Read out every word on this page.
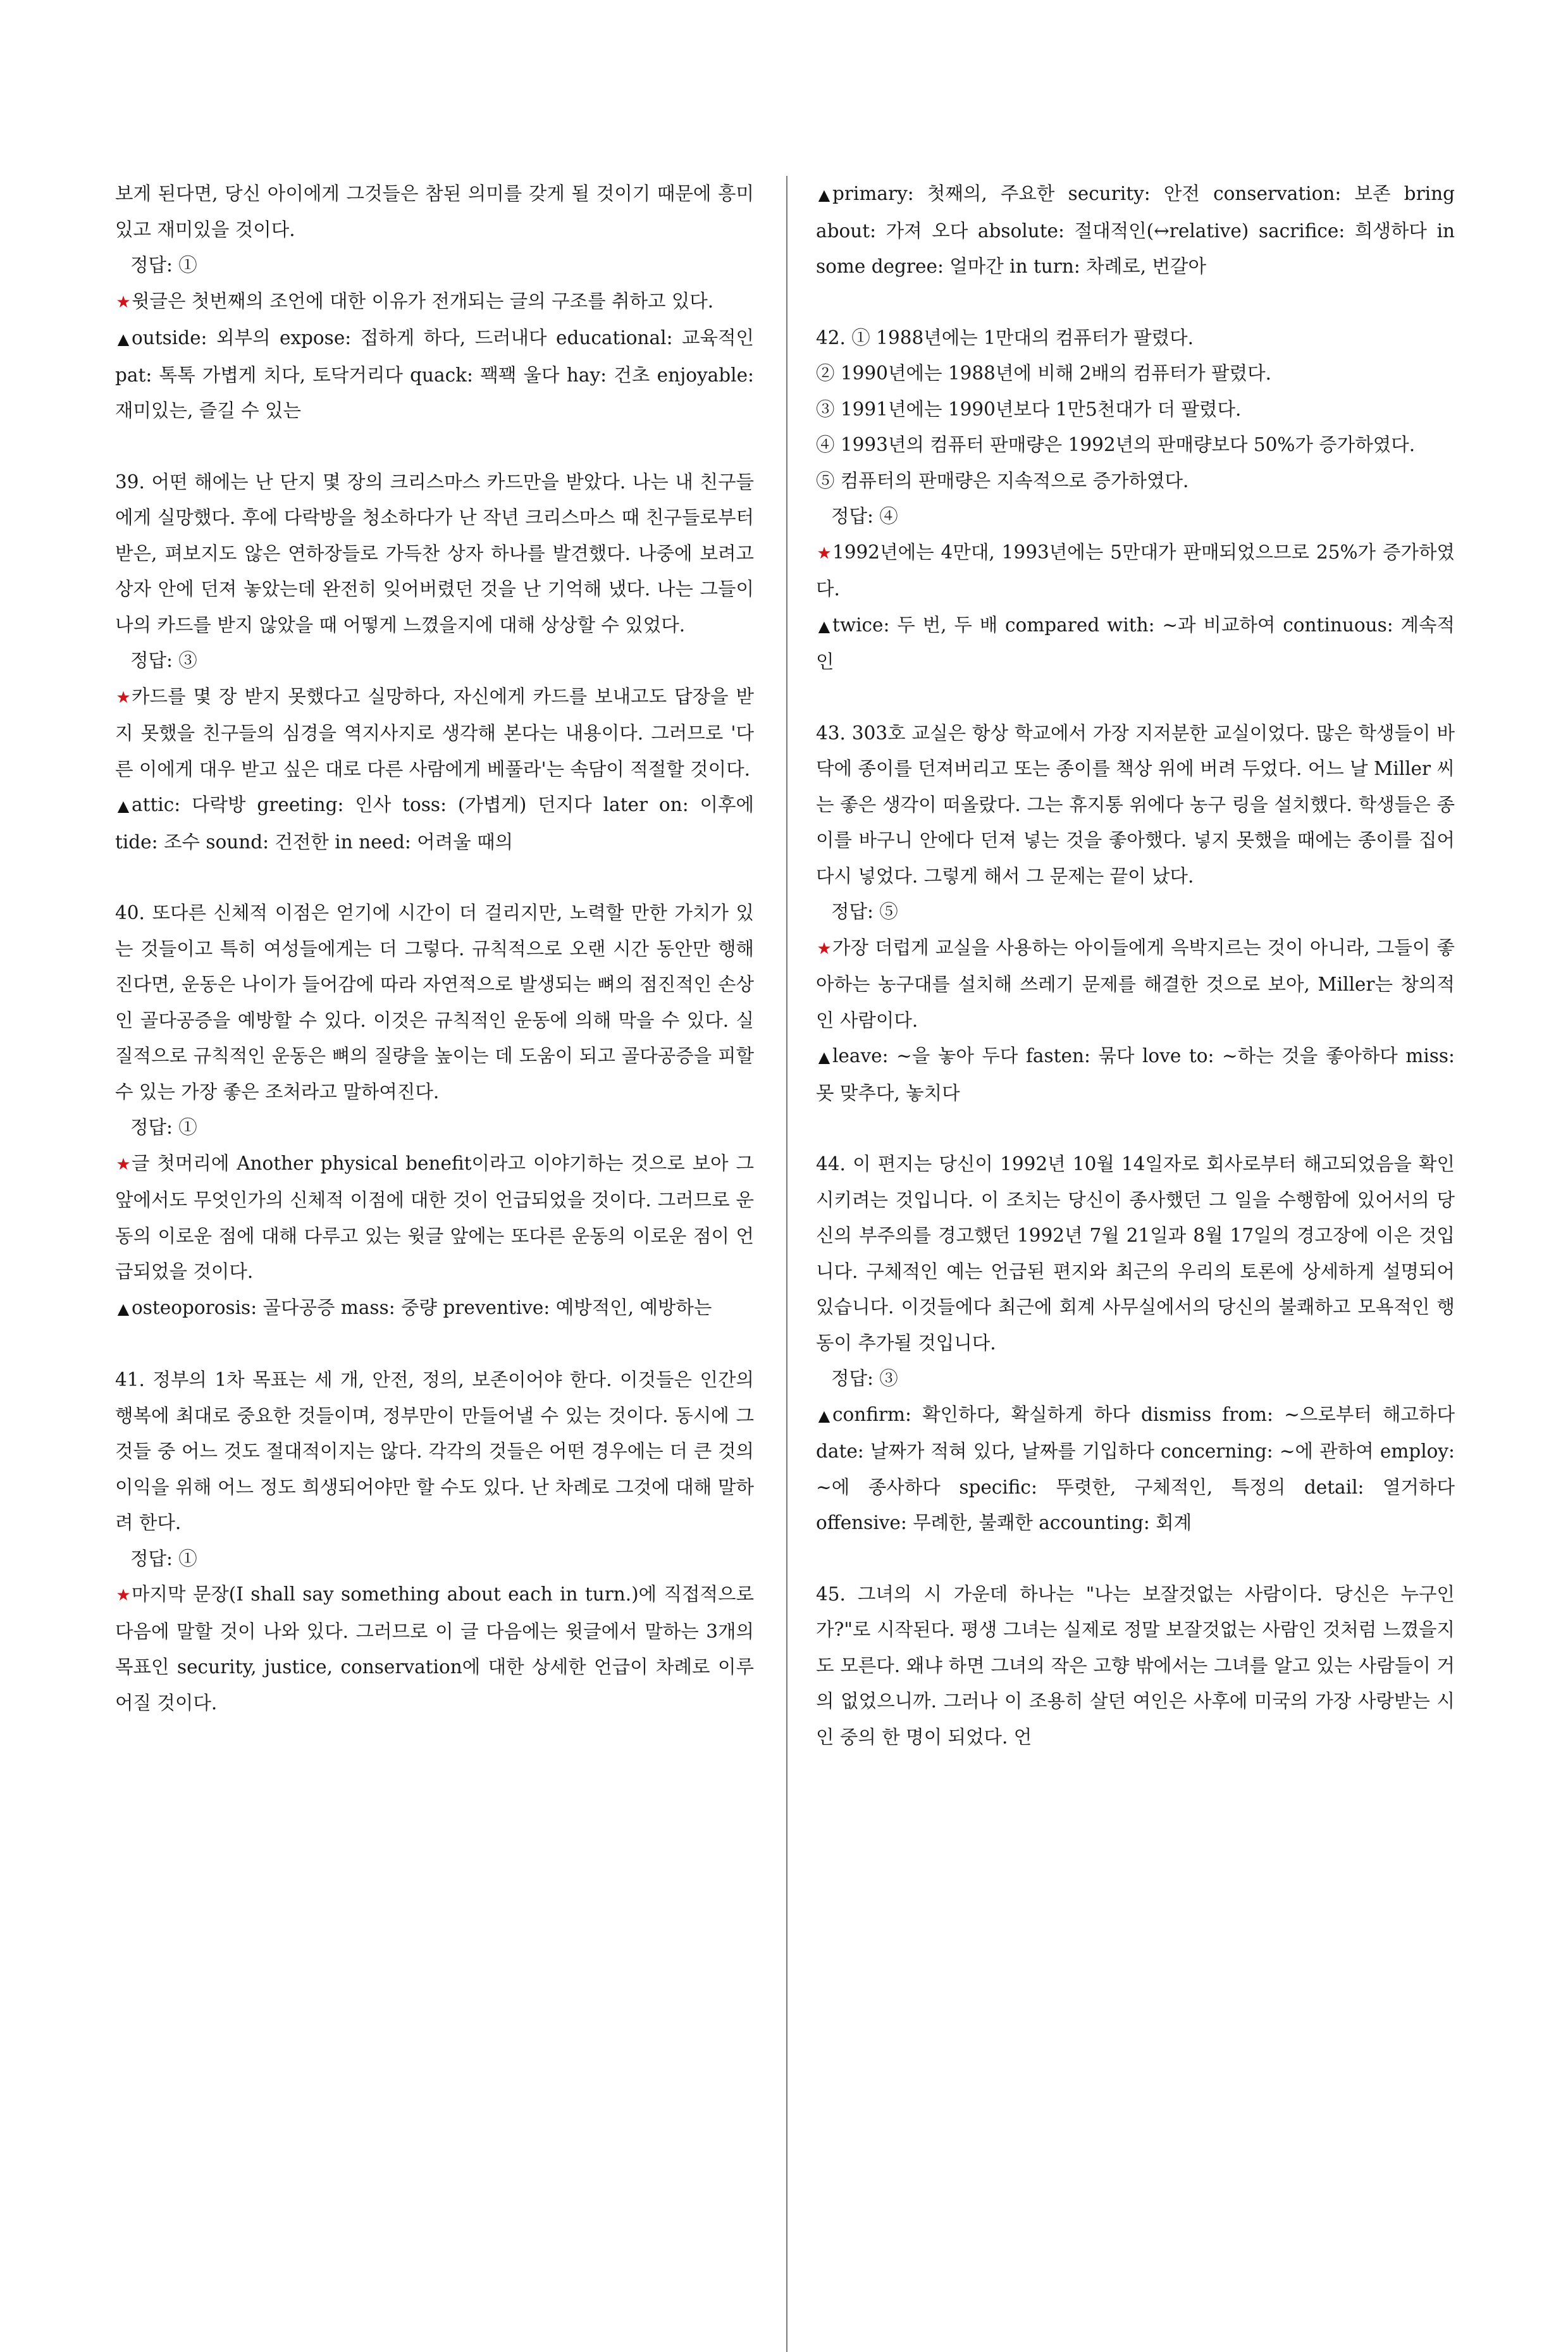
보게 된다면, 당신 아이에게 그것들은 참된 의미를 갖게 될 것이기 때문에 흥미 있고 재미있을 것이다.

정답: ①

★윗글은 첫번째의 조언에 대한 이유가 전개되는 글의 구조를 취하고 있다.

▲ outside: 외부의 expose: 접하게 하다, 드러내다 educational: 교육적인 pat: 톡톡 가볍게 치다, 토닥거리다 quack: 꽥꽥 울다 hay: 건초 enjoyable: 재미있는, 즐길 수 있는

39. 어떤 해에는 난 단지 몇 장의 크리스마스 카드만을 받았다. 나는 내 친구들에게 실망했다. 후에 다락방을 청소하다가 난 작년 크리스마스 때 친구들로부터 받은, 펴보지도 않은 연하장들로 가득찬 상자 하나를 발견했다. 나중에 보려고 상자 안에 던져 놓았는데 완전히 잊어버렸던 것을 난 기억해 냈다. 나는 그들이 나의 카드를 받지 않았을 때 어떻게 느꼈을지에 대해 상상할 수 있었다.

정답: ③

★카드를 몇 장 받지 못했다고 실망하다, 자신에게 카드를 보내고도 답장을 받지 못했을 친구들의 심경을 역지사지로 생각해 본다는 내용이다. 그러므로 '다른 이에게 대우 받고 싶은 대로 다른 사람에게 베풀라'는 속담이 적절할 것이다.

▲ attic: 다락방 greeting: 인사 toss: (가볍게) 던지다 later on: 이후에 tide: 조수 sound: 건전한 in need: 어려울 때의

40. 또다른 신체적 이점은 얻기에 시간이 더 걸리지만, 노력할 만한 가치가 있는 것들이고 특히 여성들에게는 더 그렇다. 규칙적으로 오랜 시간 동안만 행해진다면, 운동은 나이가 들어감에 따라 자연적으로 발생되는 뼈의 점진적인 손상인 골다공증을 예방할 수 있다. 이것은 규칙적인 운동에 의해 막을 수 있다. 실질적으로 규칙적인 운동은 뼈의 질량을 높이는 데 도움이 되고 골다공증을 피할 수 있는 가장 좋은 조처라고 말하여진다.

정답: ①

★글 첫머리에 Another physical benefit이라고 이야기하는 것으로 보아 그 앞에서도 무엇인가의 신체적 이점에 대한 것이 언급되었을 것이다. 그러므로 운동의 이로운 점에 대해 다루고 있는 윗글 앞에는 또다른 운동의 이로운 점이 언급되었을 것이다.

▲ osteoporosis: 골다공증 mass: 중량 preventive: 예방적인, 예방하는

41. 정부의 1차 목표는 세 개, 안전, 정의, 보존이어야 한다. 이것들은 인간의 행복에 최대로 중요한 것들이며, 정부만이 만들어낼 수 있는 것이다. 동시에 그것들 중 어느 것도 절대적이지는 않다. 각각의 것들은 어떤 경우에는 더 큰 것의 이익을 위해 어느 정도 희생되어야만 할 수도 있다. 난 차례로 그것에 대해 말하려 한다.

정답: ①

★마지막 문장(I shall say something about each in turn.)에 직접적으로 다음에 말할 것이 나와 있다. 그러므로 이 글 다음에는 윗글에서 말하는 3개의 목표인 security, justice, conservation에 대한 상세한 언급이 차례로 이루어질 것이다.

▲ primary: 첫째의, 주요한 security: 안전 conservation: 보존 bring about: 가져 오다 absolute: 절대적인(↔relative) sacrifice: 희생하다 in some degree: 얼마간 in turn: 차례로, 번갈아

42. ① 1988년에는 1만대의 컴퓨터가 팔렸다.

② 1990년에는 1988년에 비해 2배의 컴퓨터가 팔렸다.

③ 1991년에는 1990년보다 1만5천대가 더 팔렸다.

④ 1993년의 컴퓨터 판매량은 1992년의 판매량보다 50%가 증가하였다.

⑤ 컴퓨터의 판매량은 지속적으로 증가하였다.

정답: ④

★1992년에는 4만대, 1993년에는 5만대가 판매되었으므로 25%가 증가하였다.

▲ twice: 두 번, 두 배 compared with: ~과 비교하여 continuous: 계속적인

43. 303호 교실은 항상 학교에서 가장 지저분한 교실이었다. 많은 학생들이 바닥에 종이를 던져버리고 또는 종이를 책상 위에 버려 두었다. 어느 날 Miller 씨는 좋은 생각이 떠올랐다. 그는 휴지통 위에다 농구 링을 설치했다. 학생들은 종이를 바구니 안에다 던져 넣는 것을 좋아했다. 넣지 못했을 때에는 종이를 집어 다시 넣었다. 그렇게 해서 그 문제는 끝이 났다.

정답: ⑤

★가장 더럽게 교실을 사용하는 아이들에게 윽박지르는 것이 아니라, 그들이 좋아하는 농구대를 설치해 쓰레기 문제를 해결한 것으로 보아, Miller는 창의적인 사람이다.

▲ leave: ~을 놓아 두다 fasten: 묶다 love to: ~하는 것을 좋아하다 miss: 못 맞추다, 놓치다

44. 이 편지는 당신이 1992년 10월 14일자로 회사로부터 해고되었음을 확인시키려는 것입니다. 이 조치는 당신이 종사했던 그 일을 수행함에 있어서의 당신의 부주의를 경고했던 1992년 7월 21일과 8월 17일의 경고장에 이은 것입니다. 구체적인 예는 언급된 편지와 최근의 우리의 토론에 상세하게 설명되어 있습니다. 이것들에다 최근에 회계 사무실에서의 당신의 불쾌하고 모욕적인 행동이 추가될 것입니다.

정답: ③

▲ confirm: 확인하다, 확실하게 하다 dismiss from: ~으로부터 해고하다 date: 날짜가 적혀 있다, 날짜를 기입하다 concerning: ~에 관하여 employ: ~에 종사하다 specific: 뚜렷한, 구체적인, 특정의 detail: 열거하다 offensive: 무례한, 불쾌한 accounting: 회계

45. 그녀의 시 가운데 하나는 "나는 보잘것없는 사람이다. 당신은 누구인가?"로 시작된다. 평생 그녀는 실제로 정말 보잘것없는 사람인 것처럼 느꼈을지도 모른다. 왜냐 하면 그녀의 작은 고향 밖에서는 그녀를 알고 있는 사람들이 거의 없었으니까. 그러나 이 조용히 살던 여인은 사후에 미국의 가장 사랑받는 시인 중의 한 명이 되었다. 언
